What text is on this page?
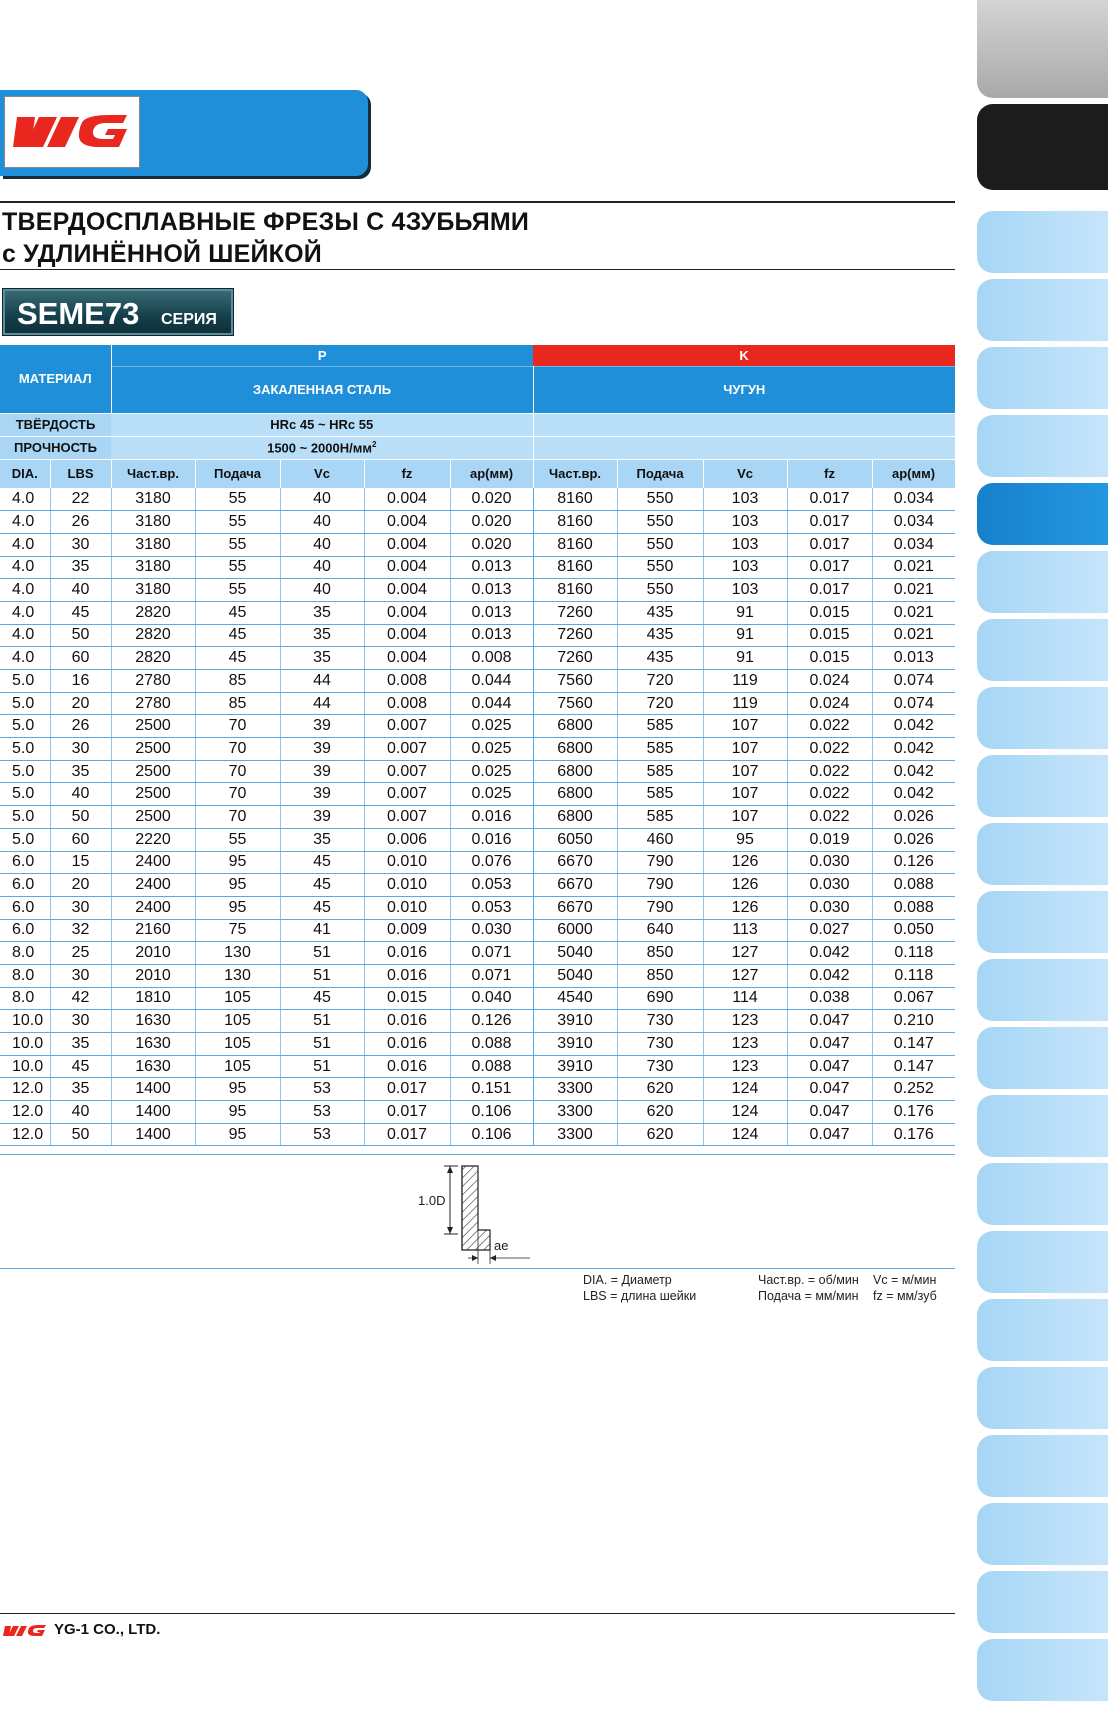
ТВЕРДОСПЛАВНЫЕ ФРЕЗЫ С 4ЗУБЬЯМИ
с УДЛИНЁННОЙ ШЕЙКОЙ
SEME73 СЕРИЯ
МАТЕРИАЛ		P					K				
		ЗАКАЛЕННАЯ СТАЛЬ					ЧУГУН				
ТВЁРДОСТЬ		HRc 45 ~ HRc 55									
ПРОЧНОСТЬ		1500 ~ $2000Н/мм^2$	
DIA.	LBS	Част.вр.	Подача	Vc	fz	ap(мм)	Част.вр.	Подача	Vc	fz	ap(мм)
4.0	22	3180	55	40	0.004	0.020	8160	550	103	0.017	0.034
4.0	26	3180	55	40	0.004	0.020	8160	550	103	0.017	0.034
4.0	30	3180	55	40	0.004	0.020	8160	550	103	0.017	0.034
4.0	35	3180	55	40	0.004	0.013	8160	550	103	0.017	0.021
4.0	40	3180	55	40	0.004	0.013	8160	550	103	0.017	0.021
4.0	45	2820	45	35	0.004	0.013	7260	435	91	0.015	0.021
4.0	50	2820	45	35	0.004	0.013	7260	435	91	0.015	0.021
4.0	60	2820	45	35	0.004	0.008	7260	435	91	0.015	0.013
5.0	16	2780	85	44	0.008	0.044	7560	720	119	0.024	0.074
5.0	20	2780	85	44	0.008	0.044	7560	720	119	0.024	0.074
5.0	26	2500	70	39	0.007	0.025	6800	585	107	0.022	0.042
5.0	30	2500	70	39	0.007	0.025	6800	585	107	0.022	0.042
5.0	35	2500	70	39	0.007	0.025	6800	585	107	0.022	0.042
5.0	40	2500	70	39	0.007	0.025	6800	585	107	0.022	0.042
5.0	50	2500	70	39	0.007	0.016	6800	585	107	0.022	0.026
5.0	60	2220	55	35	0.006	0.016	6050	460	95	0.019	0.026
6.0	15	2400	95	45	0.010	0.076	6670	790	126	0.030	0.126
6.0	20	2400	95	45	0.010	0.053	6670	790	126	0.030	0.088
6.0	30	2400	95	45	0.010	0.053	6670	790	126	0.030	0.088
6.0	32	2160	75	41	0.009	0.030	6000	640	113	0.027	0.050
8.0	25	2010	130	51	0.016	0.071	5040	850	127	0.042	0.118
8.0	30	2010	130	51	0.016	0.071	5040	850	127	0.042	0.118
8.0	42	1810	105	45	0.015	0.040	4540	690	114	0.038	0.067
10.0	30	1630	105	51	0.016	0.126	3910	730	123	0.047	0.210
10.0	35	1630	105	51	0.016	0.088	3910	730	123	0.047	0.147
10.0	45	1630	105	51	0.016	0.088	3910	730	123	0.047	0.147
12.0	35	1400	95	53	0.017	0.151	3300	620	124	0.047	0.252
12.0	40	1400	95	53	0.017	0.106	3300	620	124	0.047	0.176
12.0	50	1400	95	53	0.017	0.106	3300	620	124	0.047	0.176
1.0D
ae
DIA. = Диаметр
LBS = длина шейки
Част.вр. = об/мин
Подача = мм/мин
Vc = м/мин
fz = мм/зуб
YG-1 CO., LTD.
